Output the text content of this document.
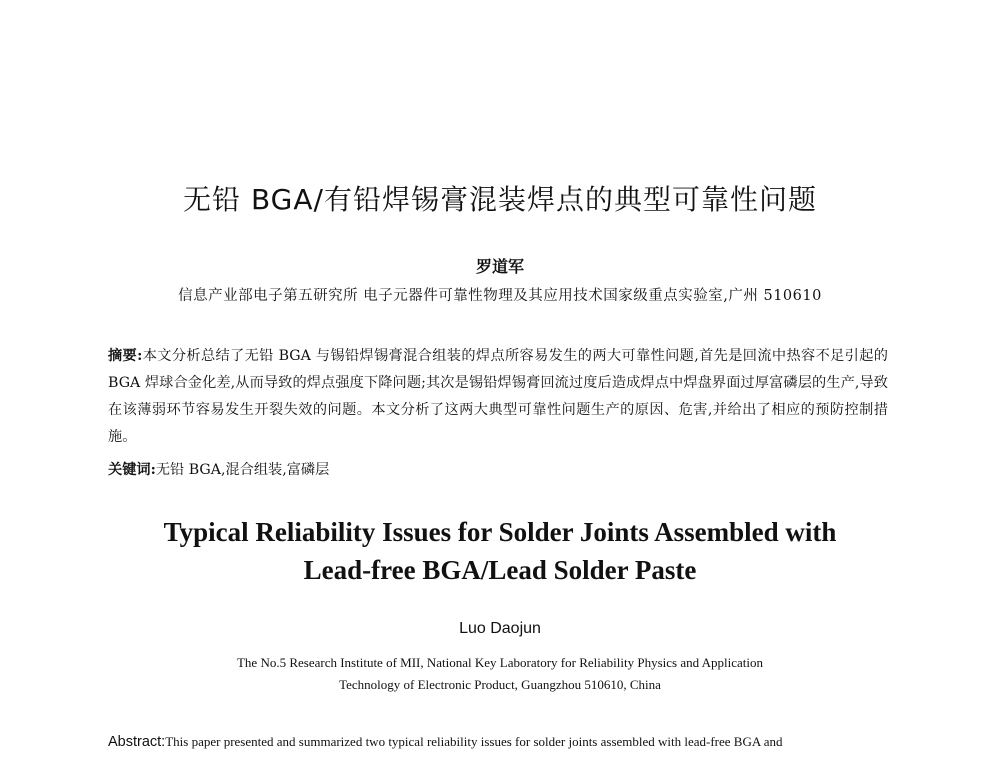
无铅 BGA/有铅焊锡膏混装焊点的典型可靠性问题
罗道军
信息产业部电子第五研究所 电子元器件可靠性物理及其应用技术国家级重点实验室,广州 510610
摘要:本文分析总结了无铅 BGA 与锡铅焊锡膏混合组装的焊点所容易发生的两大可靠性问题,首先是回流中热容不足引起的 BGA 焊球合金化差,从而导致的焊点强度下降问题;其次是锡铅焊锡膏回流过度后造成焊点中焊盘界面过厚富磷层的生产,导致在该薄弱环节容易发生开裂失效的问题。本文分析了这两大典型可靠性问题生产的原因、危害,并给出了相应的预防控制措施。
关键词:无铅 BGA,混合组装,富磷层
Typical Reliability Issues for Solder Joints Assembled with
Lead-free BGA/Lead Solder Paste
Luo Daojun
The No.5 Research Institute of MII, National Key Laboratory for Reliability Physics and Application
Technology of Electronic Product, Guangzhou 510610, China
Abstract:This paper presented and summarized two typical reliability issues for solder joints assembled with lead-free BGA and
